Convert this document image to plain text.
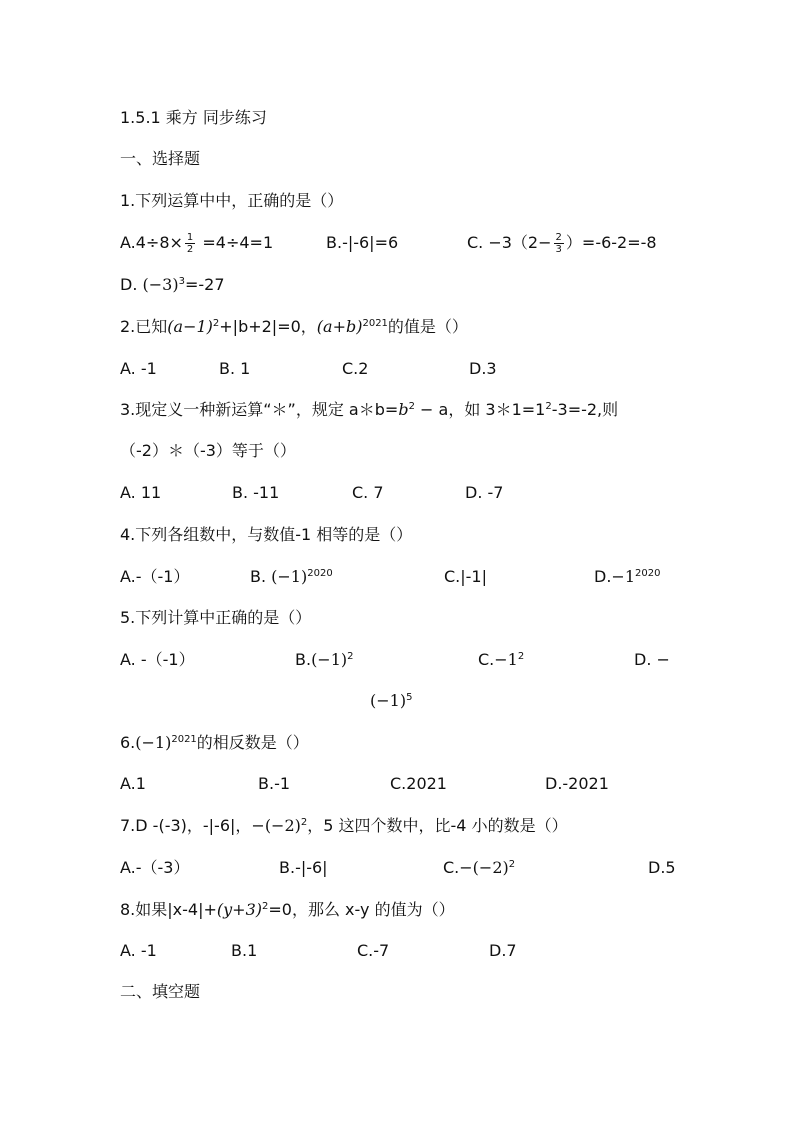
1.5.1 乘方 同步练习
一、选择题
1.下列运算中中，正确的是（）
$A.4\div 8\times \frac{1}{2} =4\div 4=1$	B.-|-6|=6	C. $-3(2- \frac{2}{3} )=-6-2=-8$
D. $(-3)^3=-27$
2.已知$(a-1)^2+|b+2|=0$，$(a+b)^{2021}$的值是（）
A. -1	B. 1	C.2	D.3
3.现定义一种新运算“＊”，规定 $a*b=b^2 - a$，如 $3*1=1^2-3=-2$,则
（-2）＊（-3）等于（）
A. 11	B. -11	C. 7	D. -7
4.下列各组数中，与数值-1 相等的是（）
A.-（-1）	B. $(-1)^{2020}$	C.|-1|	$D.-1^{2020}$
5.下列计算中正确的是（）
A. -（-1）	$B.(-1)^2$	$C.-1^2$	D. −
$(-1)^5$
$6.(-1)^{2021}$的相反数是（）
A.1	B.-1	C.2021	D.-2021
7.D -(-3)，-|-6|，$-(-2)^2$，5 这四个数中，比-4 小的数是（）
A.-（-3）	B.-|-6|	$C.-(-2)^2$	D.5
8.如果$|x-4|+(y+3)^2=0$，那么 x-y 的值为（）
A. -1	B.1	C.-7	D.7
二、填空题
